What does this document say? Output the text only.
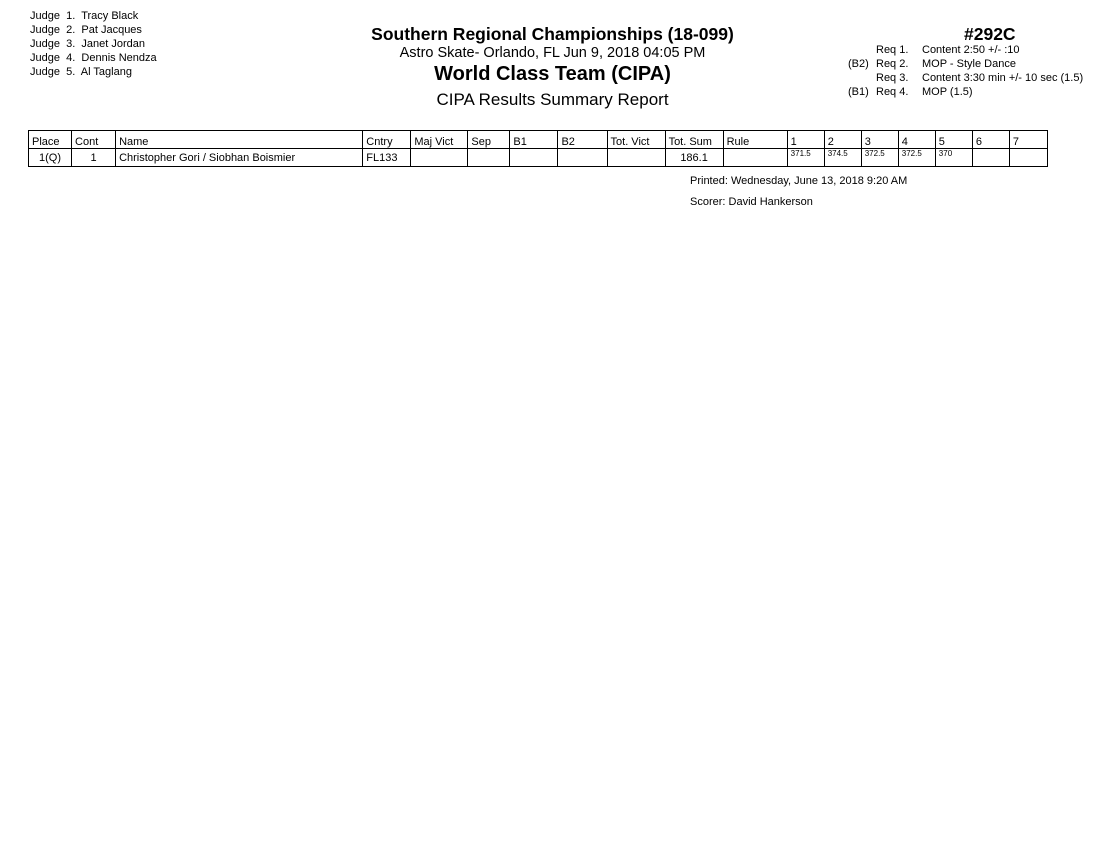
Judge  1. Tracy Black
Judge  2. Pat Jacques
Judge  3. Janet Jordan
Judge  4. Dennis Nendza
Judge  5. Al Taglang
Southern Regional Championships (18-099)
Astro Skate- Orlando, FL Jun 9, 2018 04:05 PM
World Class Team (CIPA)
CIPA Results Summary Report
#292C
Req 1. Content 2:50 +/- :10
(B2) Req 2. MOP - Style Dance
Req 3. Content 3:30 min +/- 10 sec (1.5)
(B1) Req 4. MOP (1.5)
Place	Cont	Name	Cntry	Maj Vict	Sep	B1	B2	Tot. Vict	Tot. Sum	Rule	1	2	3	4	5	6	7
1(Q)	1	Christopher Gori / Siobhan Boismier	FL133						186.1		371.5	374.5	372.5	372.5	370		
Printed: Wednesday, June 13, 2018 9:20 AM
Scorer: David Hankerson
